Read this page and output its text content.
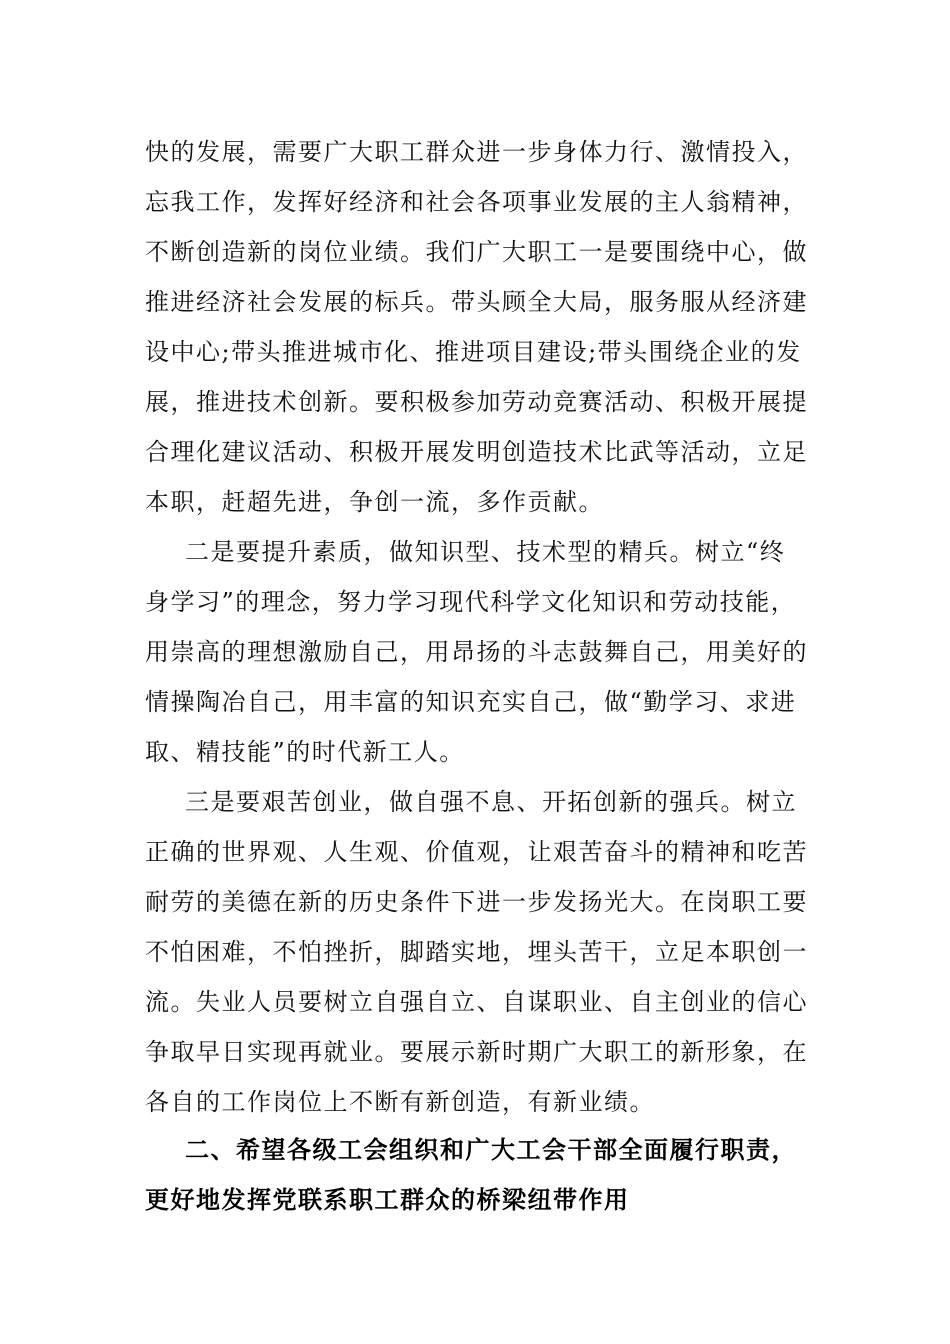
快的发展，需要广大职工群众进一步身体力行、激情投入，
忘我工作，发挥好经济和社会各项事业发展的主人翁精神，
不断创造新的岗位业绩。我们广大职工一是要围绕中心，做
推进经济社会发展的标兵。带头顾全大局，服务服从经济建
设中心;带头推进城市化、推进项目建设;带头围绕企业的发
展，推进技术创新。要积极参加劳动竞赛活动、积极开展提
合理化建议活动、积极开展发明创造技术比武等活动，立足
本职，赶超先进，争创一流，多作贡献。
二是要提升素质，做知识型、技术型的精兵。树立“终
身学习”的理念，努力学习现代科学文化知识和劳动技能，
用崇高的理想激励自己，用昂扬的斗志鼓舞自己，用美好的
情操陶冶自己，用丰富的知识充实自己，做“勤学习、求进
取、精技能”的时代新工人。
三是要艰苦创业，做自强不息、开拓创新的强兵。树立
正确的世界观、人生观、价值观，让艰苦奋斗的精神和吃苦
耐劳的美德在新的历史条件下进一步发扬光大。在岗职工要
不怕困难，不怕挫折，脚踏实地，埋头苦干，立足本职创一
流。失业人员要树立自强自立、自谋职业、自主创业的信心
争取早日实现再就业。要展示新时期广大职工的新形象，在
各自的工作岗位上不断有新创造，有新业绩。
二、希望各级工会组织和广大工会干部全面履行职责，
更好地发挥党联系职工群众的桥梁纽带作用
